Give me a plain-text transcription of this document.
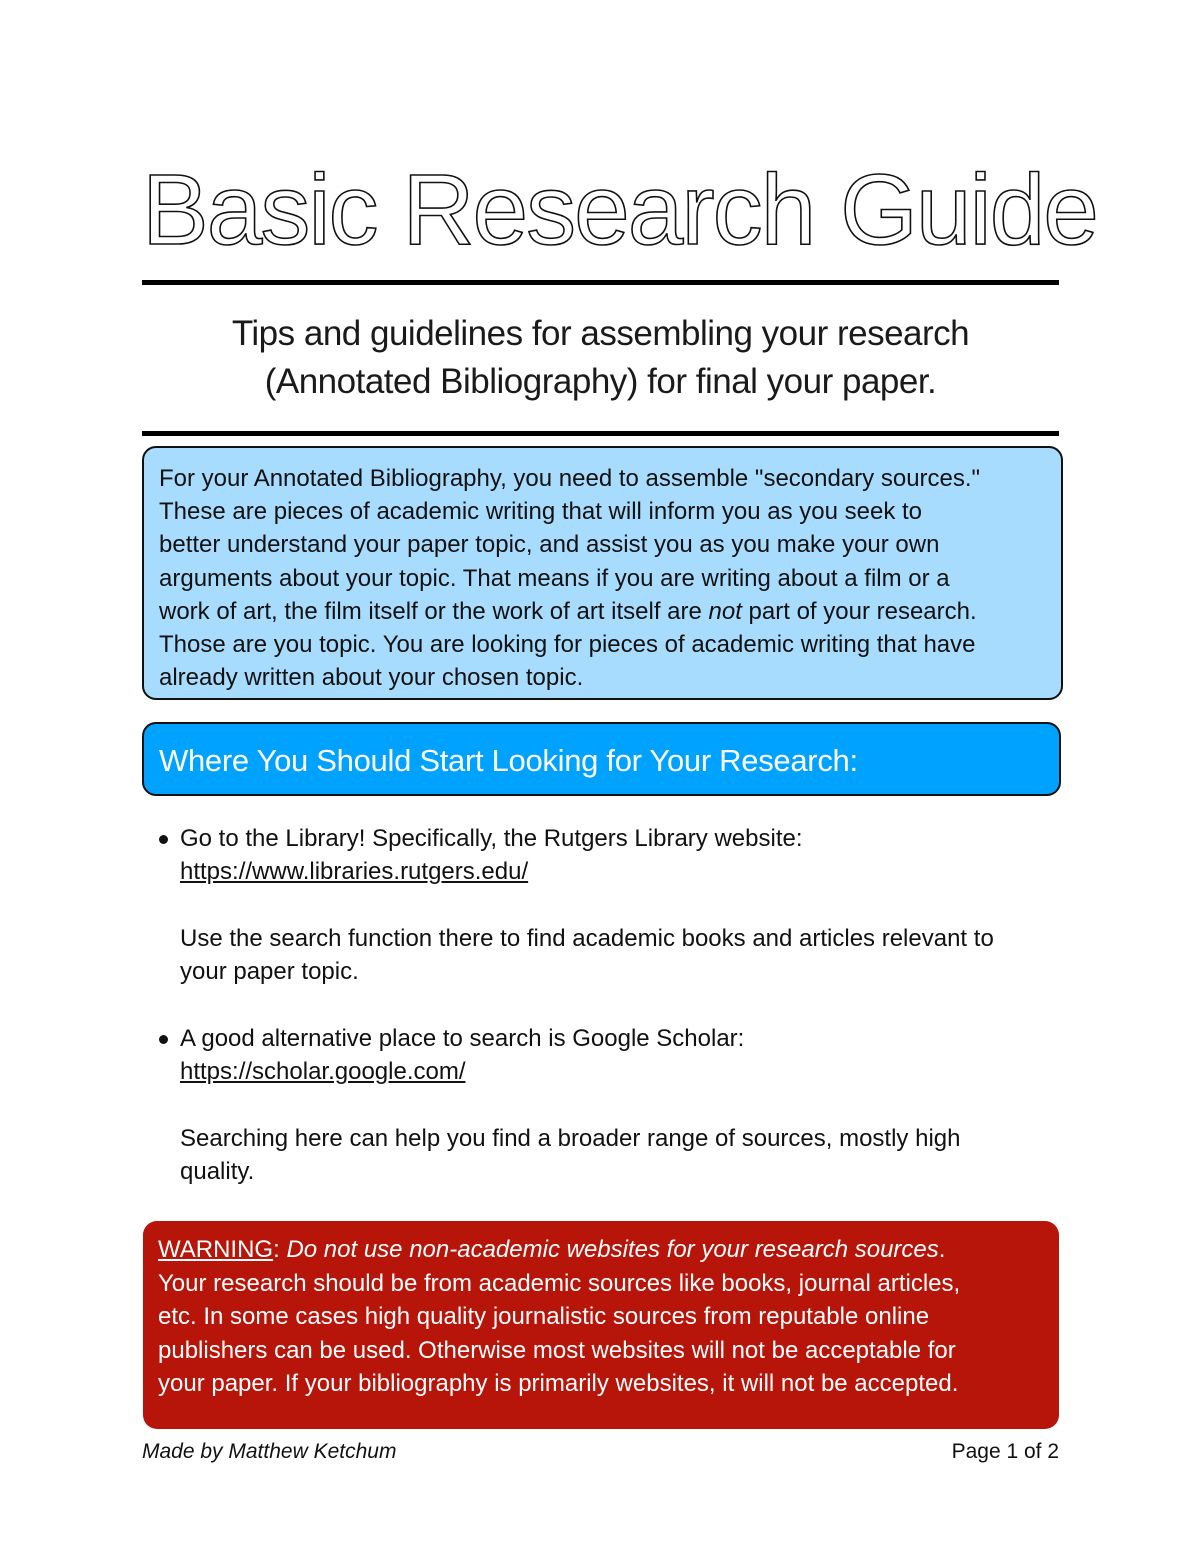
Basic Research Guide
Tips and guidelines for assembling your research
(Annotated Bibliography) for final your paper.
For your Annotated Bibliography, you need to assemble "secondary sources."
These are pieces of academic writing that will inform you as you seek to
better understand your paper topic, and assist you as you make your own
arguments about your topic. That means if you are writing about a film or a
work of art, the film itself or the work of art itself are not part of your research.
Those are you topic. You are looking for pieces of academic writing that have
already written about your chosen topic.
Where You Should Start Looking for Your Research:
Go to the Library! Specifically, the Rutgers Library website:
https://www.libraries.rutgers.edu/
Use the search function there to find academic books and articles relevant to
your paper topic.
A good alternative place to search is Google Scholar:
https://scholar.google.com/
Searching here can help you find a broader range of sources, mostly high
quality.
WARNING: Do not use non-academic websites for your research sources.
Your research should be from academic sources like books, journal articles,
etc. In some cases high quality journalistic sources from reputable online
publishers can be used. Otherwise most websites will not be acceptable for
your paper. If your bibliography is primarily websites, it will not be accepted.
Made by Matthew Ketchum	Page 1 of 2
